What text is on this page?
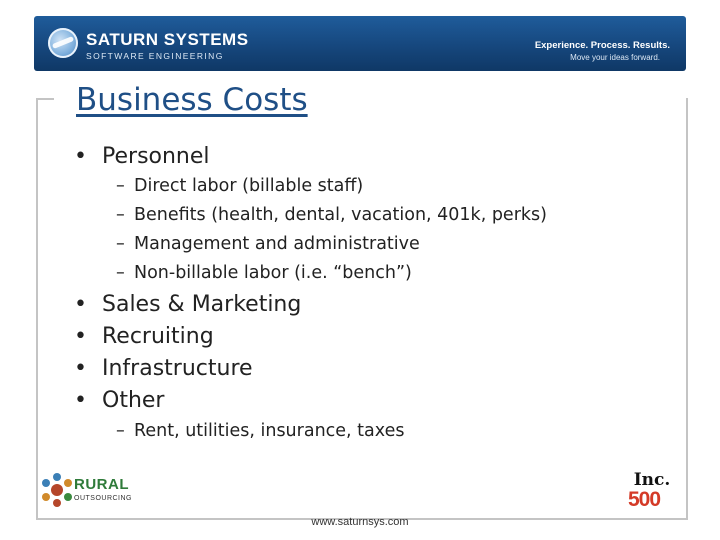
SATURN SYSTEMS
SOFTWARE ENGINEERING
Experience. Process. Results.
Move your ideas forward.
Business Costs
• Personnel
– Direct labor (billable staff)
– Benefits (health, dental, vacation, 401k, perks)
– Management and administrative
– Non-billable labor (i.e. “bench”)
• Sales & Marketing
• Recruiting
• Infrastructure
• Other
– Rent, utilities, insurance, taxes
RURAL
OUTSOURCING
Inc.
500
www.saturnsys.com
